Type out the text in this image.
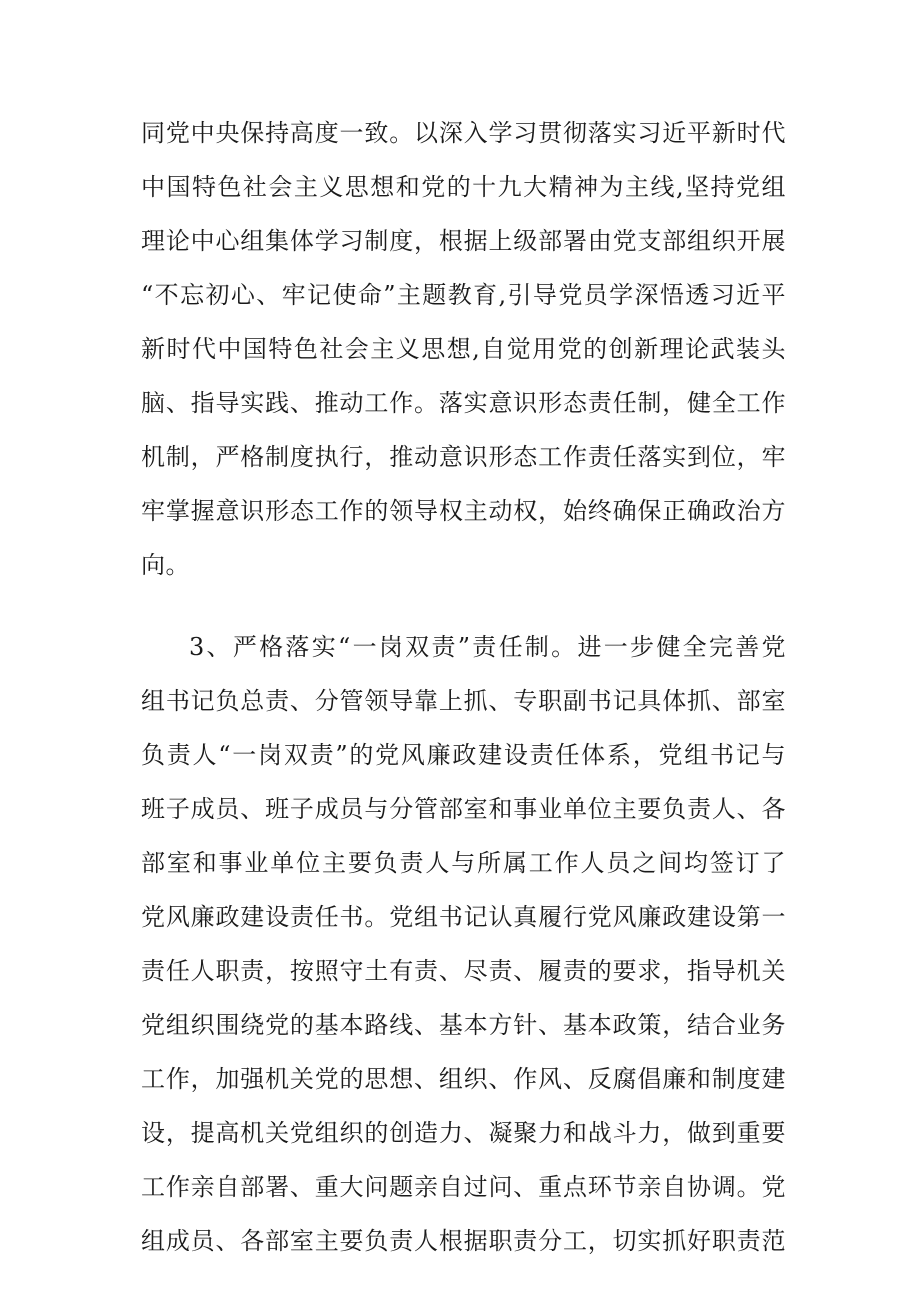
同党中央保持高度一致。以深入学习贯彻落实习近平新时代
中国特色社会主义思想和党的十九大精神为主线,坚持党组
理论中心组集体学习制度，根据上级部署由党支部组织开展
“不忘初心、牢记使命”主题教育,引导党员学深悟透习近平
新时代中国特色社会主义思想,自觉用党的创新理论武装头
脑、指导实践、推动工作。落实意识形态责任制，健全工作
机制，严格制度执行，推动意识形态工作责任落实到位，牢
牢掌握意识形态工作的领导权主动权，始终确保正确政治方
向。
3、严格落实“一岗双责”责任制。进一步健全完善党
组书记负总责、分管领导靠上抓、专职副书记具体抓、部室
负责人“一岗双责”的党风廉政建设责任体系，党组书记与
班子成员、班子成员与分管部室和事业单位主要负责人、各
部室和事业单位主要负责人与所属工作人员之间均签订了
党风廉政建设责任书。党组书记认真履行党风廉政建设第一
责任人职责，按照守土有责、尽责、履责的要求，指导机关
党组织围绕党的基本路线、基本方针、基本政策，结合业务
工作，加强机关党的思想、组织、作风、反腐倡廉和制度建
设，提高机关党组织的创造力、凝聚力和战斗力，做到重要
工作亲自部署、重大问题亲自过问、重点环节亲自协调。党
组成员、各部室主要负责人根据职责分工，切实抓好职责范
